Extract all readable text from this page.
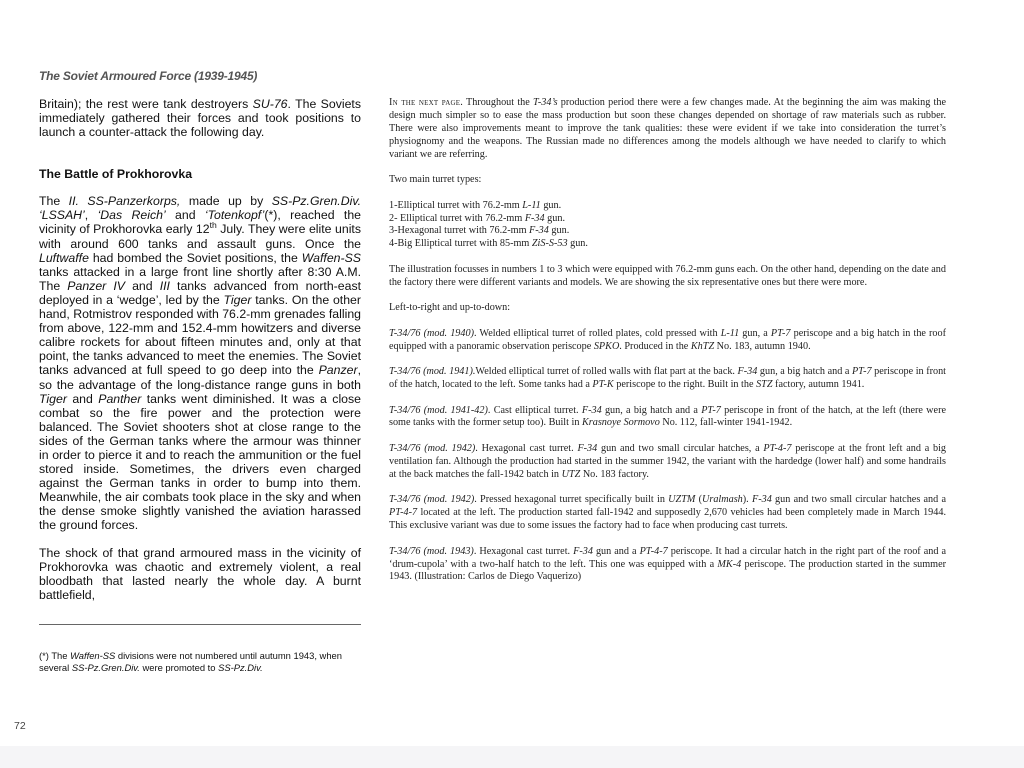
The Soviet Armoured Force (1939-1945)

Britain); the rest were tank destroyers SU-76. The Soviets immediately gathered their forces and took positions to launch a counter-attack the following day.

The Battle of Prokhorovka

The II. SS-Panzerkorps, made up by SS-Pz.Gren.Div. ‘LSSAH’, ‘Das Reich’ and ‘Totenkopf’(*), reached the vicinity of Prokhorovka early 12th July. They were elite units with around 600 tanks and assault guns. Once the Luftwaffe had bombed the Soviet positions, the Waffen-SS tanks attacked in a large front line shortly after 8:30 A.M. The Panzer IV and III tanks advanced from north-east deployed in a ‘wedge’, led by the Tiger tanks. On the other hand, Rotmistrov responded with 76.2-mm grenades falling from above, 122-mm and 152.4-mm howitzers and diverse calibre rockets for about fifteen minutes and, only at that point, the tanks advanced to meet the enemies. The Soviet tanks advanced at full speed to go deep into the Panzer, so the advantage of the long-distance range guns in both Tiger and Panther tanks went diminished. It was a close combat so the fire power and the protection were balanced. The Soviet shooters shot at close range to the sides of the German tanks where the armour was thinner in order to pierce it and to reach the ammunition or the fuel stored inside. Sometimes, the drivers even charged against the German tanks in order to bump into them. Meanwhile, the air combats took place in the sky and when the dense smoke slightly vanished the aviation harassed the ground forces.

The shock of that grand armoured mass in the vicinity of Prokhorovka was chaotic and extremely violent, a real bloodbath that lasted nearly the whole day. A burnt battlefield,

(*) The Waffen-SS divisions were not numbered until autumn 1943, when several SS-Pz.Gren.Div. were promoted to SS-Pz.Div.

In the next page. Throughout the T-34’s production period there were a few changes made. At the beginning the aim was making the design much simpler so to ease the mass production but soon these changes depended on shortage of raw materials such as rubber. There were also improvements meant to improve the tank qualities: these were evident if we take into consideration the turret’s physiognomy and the weapons. The Russian made no differences among the models although we have needed to clarify to which variant we are referring.

Two main turret types:

1-Elliptical turret with 76.2-mm L-11 gun.
2- Elliptical turret with 76.2-mm F-34 gun.
3-Hexagonal turret with 76.2-mm F-34 gun.
4-Big Elliptical turret with 85-mm ZiS-S-53 gun.

The illustration focusses in numbers 1 to 3 which were equipped with 76.2-mm guns each. On the other hand, depending on the date and the factory there were different variants and models. We are showing the six representative ones but there were more.

Left-to-right and up-to-down:

T-34/76 (mod. 1940). Welded elliptical turret of rolled plates, cold pressed with L-11 gun, a PT-7 periscope and a big hatch in the roof equipped with a panoramic observation periscope SPKO. Produced in the KhTZ No. 183, autumn 1940.

T-34/76 (mod. 1941).Welded elliptical turret of rolled walls with flat part at the back. F-34 gun, a big hatch and a PT-7 periscope in front of the hatch, located to the left. Some tanks had a PT-K periscope to the right. Built in the STZ factory, autumn 1941.

T-34/76 (mod. 1941-42). Cast elliptical turret. F-34 gun, a big hatch and a PT-7 periscope in front of the hatch, at the left (there were some tanks with the former setup too). Built in Krasnoye Sormovo No. 112, fall-winter 1941-1942.

T-34/76 (mod. 1942). Hexagonal cast turret. F-34 gun and two small circular hatches, a PT-4-7 periscope at the front left and a big ventilation fan. Although the production had started in the summer 1942, the variant with the hardedge (lower half) and some handrails at the back matches the fall-1942 batch in UTZ No. 183 factory.

T-34/76 (mod. 1942). Pressed hexagonal turret specifically built in UZTM (Uralmash). F-34 gun and two small circular hatches and a PT-4-7 located at the left. The production started fall-1942 and supposedly 2,670 vehicles had been completely made in March 1944. This exclusive variant was due to some issues the factory had to face when producing cast turrets.

T-34/76 (mod. 1943). Hexagonal cast turret. F-34 gun and a PT-4-7 periscope. It had a circular hatch in the right part of the roof and a ‘drum-cupola’ with a two-half hatch to the left. This one was equipped with a MK-4 periscope. The production started in the summer 1943. (Illustration: Carlos de Diego Vaquerizo)

72
